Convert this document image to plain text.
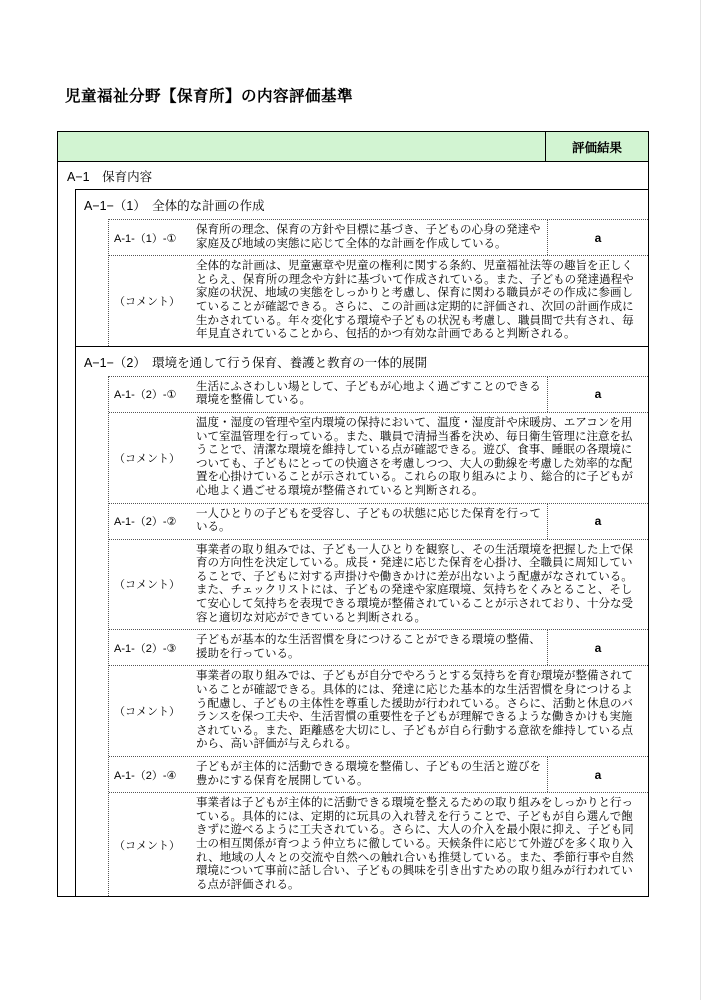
児童福祉分野【保育所】の内容評価基準
評価結果
A−1　保育内容
A−1−（1）　全体的な計画の作成
A-1-（1）-①
保育所の理念、保育の方針や目標に基づき、子どもの心身の発達や家庭及び地域の実態に応じて全体的な計画を作成している。	a
（コメント）
全体的な計画は、児童憲章や児童の権利に関する条約、児童福祉法等の趣旨を正しくとらえ、保育所の理念や方針に基づいて作成されている。また、子どもの発達過程や家庭の状況、地域の実態をしっかりと考慮し、保育に関わる職員がその作成に参画していることが確認できる。さらに、この計画は定期的に評価され、次回の計画作成に生かされている。年々変化する環境や子どもの状況も考慮し、職員間で共有され、毎年見直されていることから、包括的かつ有効な計画であると判断される。
A−1−（2）　環境を通して行う保育、養護と教育の一体的展開
A-1-（2）-①
生活にふさわしい場として、子どもが心地よく過ごすことのできる環境を整備している。	a
（コメント）
温度・湿度の管理や室内環境の保持において、温度・湿度計や床暖房、エアコンを用いて室温管理を行っている。また、職員で清掃当番を決め、毎日衛生管理に注意を払うことで、清潔な環境を維持している点が確認できる。遊び、食事、睡眠の各環境についても、子どもにとっての快適さを考慮しつつ、大人の動線を考慮した効率的な配置を心掛けていることが示されている。これらの取り組みにより、総合的に子どもが心地よく過ごせる環境が整備されていると判断される。
A-1-（2）-②
一人ひとりの子どもを受容し、子どもの状態に応じた保育を行っている。	a
（コメント）
事業者の取り組みでは、子ども一人ひとりを観察し、その生活環境を把握した上で保育の方向性を決定している。成長・発達に応じた保育を心掛け、全職員に周知していることで、子どもに対する声掛けや働きかけに差が出ないよう配慮がなされている。また、チェックリストには、子どもの発達や家庭環境、気持ちをくみとること、そして安心して気持ちを表現できる環境が整備されていることが示されており、十分な受容と適切な対応ができていると判断される。
A-1-（2）-③
子どもが基本的な生活習慣を身につけることができる環境の整備、援助を行っている。	a
（コメント）
事業者の取り組みでは、子どもが自分でやろうとする気持ちを育む環境が整備されていることが確認できる。具体的には、発達に応じた基本的な生活習慣を身につけるよう配慮し、子どもの主体性を尊重した援助が行われている。さらに、活動と休息のバランスを保つ工夫や、生活習慣の重要性を子どもが理解できるような働きかけも実施されている。また、距離感を大切にし、子どもが自ら行動する意欲を維持している点から、高い評価が与えられる。
A-1-（2）-④
子どもが主体的に活動できる環境を整備し、子どもの生活と遊びを豊かにする保育を展開している。	a
（コメント）
事業者は子どもが主体的に活動できる環境を整えるための取り組みをしっかりと行っている。具体的には、定期的に玩具の入れ替えを行うことで、子どもが自ら選んで飽きずに遊べるように工夫されている。さらに、大人の介入を最小限に抑え、子ども同士の相互関係が育つよう仲立ちに徹している。天候条件に応じて外遊びを多く取り入れ、地域の人々との交流や自然への触れ合いも推奨している。また、季節行事や自然環境について事前に話し合い、子どもの興味を引き出すための取り組みが行われている点が評価される。
